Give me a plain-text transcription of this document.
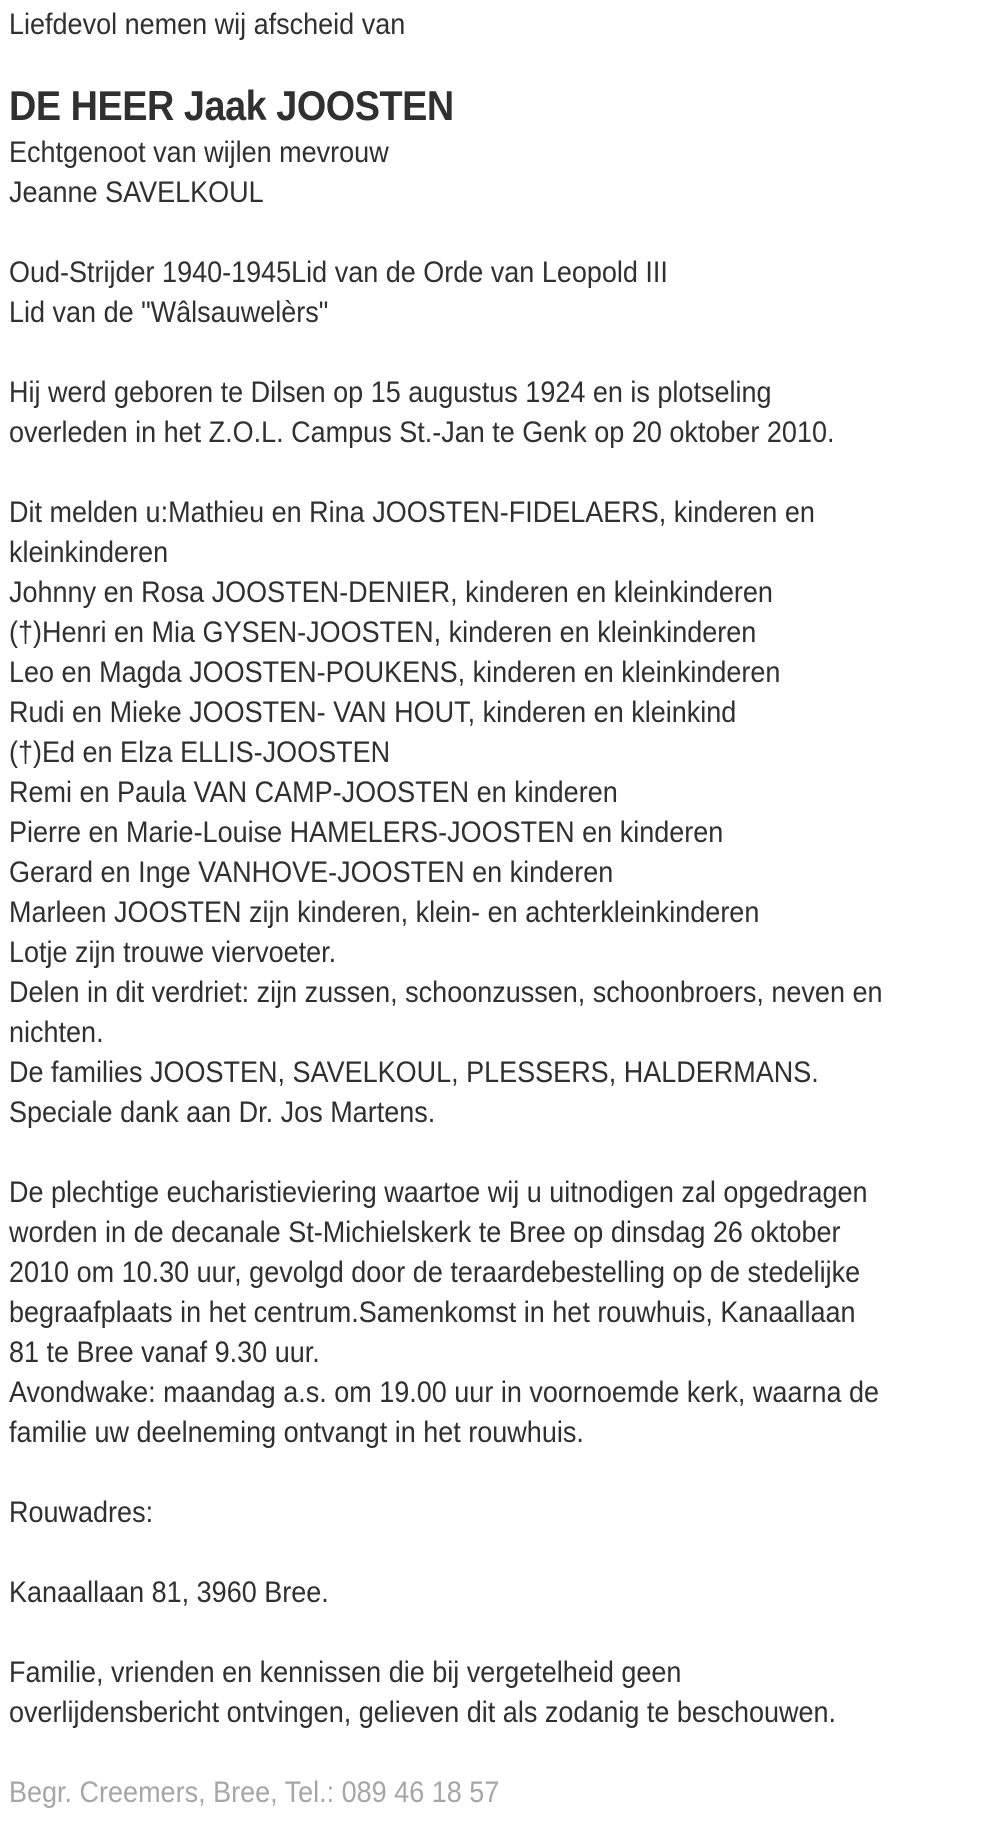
Liefdevol nemen wij afscheid van
DE HEER Jaak JOOSTEN
Echtgenoot van wijlen mevrouw
Jeanne SAVELKOUL
Oud-Strijder 1940-1945Lid van de Orde van Leopold III
Lid van de "Wâlsauwelèrs"
Hij werd geboren te Dilsen op 15 augustus 1924 en is plotseling
overleden in het Z.O.L. Campus St.-Jan te Genk op 20 oktober 2010.
Dit melden u:Mathieu en Rina JOOSTEN-FIDELAERS, kinderen en
kleinkinderen
Johnny en Rosa JOOSTEN-DENIER, kinderen en kleinkinderen
(†)Henri en Mia GYSEN-JOOSTEN, kinderen en kleinkinderen
Leo en Magda JOOSTEN-POUKENS, kinderen en kleinkinderen
Rudi en Mieke JOOSTEN- VAN HOUT, kinderen en kleinkind
(†)Ed en Elza ELLIS-JOOSTEN
Remi en Paula VAN CAMP-JOOSTEN en kinderen
Pierre en Marie-Louise HAMELERS-JOOSTEN en kinderen
Gerard en Inge VANHOVE-JOOSTEN en kinderen
Marleen JOOSTEN zijn kinderen, klein- en achterkleinkinderen
Lotje zijn trouwe viervoeter.
Delen in dit verdriet: zijn zussen, schoonzussen, schoonbroers, neven en
nichten.
De families JOOSTEN, SAVELKOUL, PLESSERS, HALDERMANS.
Speciale dank aan Dr. Jos Martens.
De plechtige eucharistieviering waartoe wij u uitnodigen zal opgedragen
worden in de decanale St-Michielskerk te Bree op dinsdag 26 oktober
2010 om 10.30 uur, gevolgd door de teraardebestelling op de stedelijke
begraafplaats in het centrum.Samenkomst in het rouwhuis, Kanaallaan
81 te Bree vanaf 9.30 uur.
Avondwake: maandag a.s. om 19.00 uur in voornoemde kerk, waarna de
familie uw deelneming ontvangt in het rouwhuis.
Rouwadres:
Kanaallaan 81, 3960 Bree.
Familie, vrienden en kennissen die bij vergetelheid geen
overlijdensbericht ontvingen, gelieven dit als zodanig te beschouwen.
Begr. Creemers, Bree, Tel.: 089 46 18 57
